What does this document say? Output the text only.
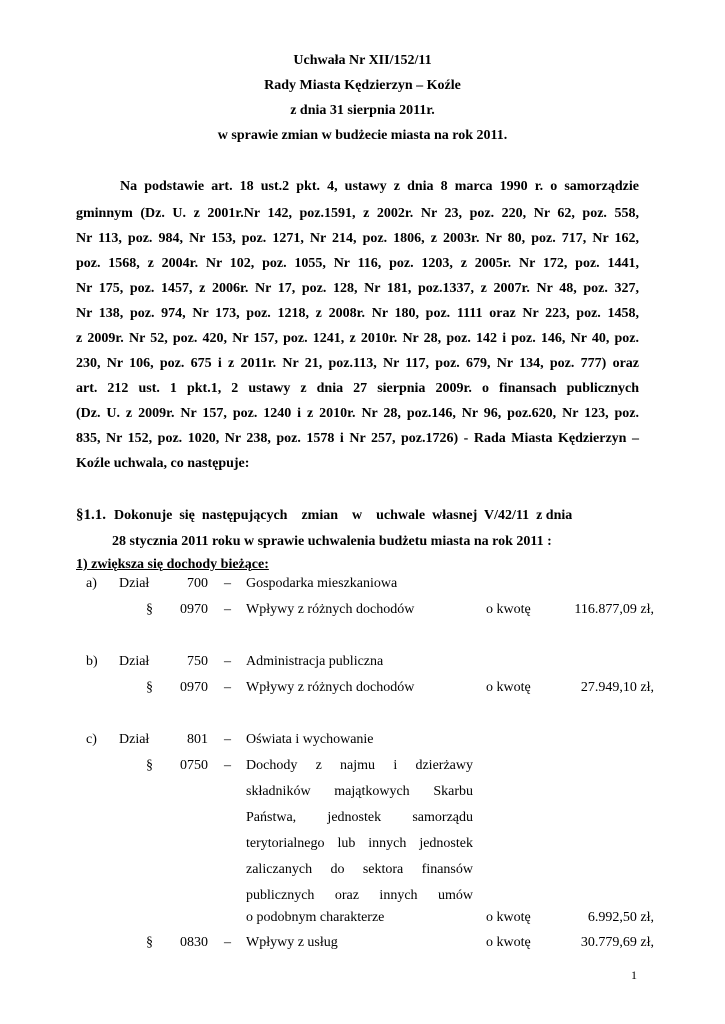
Uchwała Nr XII/152/11
Rady Miasta Kędzierzyn – Koźle
z dnia 31 sierpnia 2011r.
w sprawie zmian w budżecie miasta na rok 2011.
Na podstawie art. 18 ust.2 pkt. 4, ustawy z dnia 8 marca 1990 r. o samorządzie
gminnym (Dz. U. z 2001r.Nr 142, poz.1591, z 2002r. Nr 23, poz. 220, Nr 62, poz. 558,
Nr 113, poz. 984, Nr 153, poz. 1271, Nr 214, poz. 1806, z 2003r. Nr 80, poz. 717, Nr 162,
poz. 1568, z 2004r. Nr 102, poz. 1055, Nr 116, poz. 1203, z 2005r. Nr 172, poz. 1441,
Nr 175, poz. 1457, z 2006r. Nr 17, poz. 128, Nr 181, poz.1337, z 2007r. Nr 48, poz. 327,
Nr 138, poz. 974, Nr 173, poz. 1218, z 2008r. Nr 180, poz. 1111 oraz Nr 223, poz. 1458,
z 2009r. Nr 52, poz. 420, Nr 157, poz. 1241, z 2010r. Nr 28, poz. 142 i poz. 146, Nr 40, poz.
230, Nr 106, poz. 675 i z 2011r. Nr 21, poz.113, Nr 117, poz. 679, Nr 134, poz. 777) oraz
art. 212 ust. 1 pkt.1, 2 ustawy z dnia 27 sierpnia 2009r. o finansach publicznych
(Dz. U. z 2009r. Nr 157, poz. 1240 i z 2010r. Nr 28, poz.146, Nr 96, poz.620, Nr 123, poz.
835, Nr 152, poz. 1020, Nr 238, poz. 1578 i Nr 257, poz.1726) - Rada Miasta Kędzierzyn –
Koźle uchwala, co następuje:
§1.1. Dokonuje  się  następujących    zmian    w    uchwale  własnej  V/42/11  z dnia
28 stycznia 2011 roku w sprawie uchwalenia budżetu miasta na rok 2011 :
1) zwiększa się dochody bieżące:
a) Dział	700 – Gospodarka mieszkaniowa
§	0970 – Wpływy z różnych dochodów	o kwotę	116.877,09 zł,
b) Dział	750 – Administracja publiczna
§	0970 – Wpływy z różnych dochodów	o kwotę	27.949,10 zł,
c) Dział	801 – Oświata i wychowanie
§	0750 – Dochody z najmu i dzierżawy
składników majątkowych Skarbu
Państwa, jednostek samorządu
terytorialnego lub innych jednostek
zaliczanych do sektora finansów
publicznych oraz innych umów
o podobnym charakterze	o kwotę	6.992,50 zł,
§	0830 – Wpływy z usług	o kwotę	30.779,69 zł,
1
